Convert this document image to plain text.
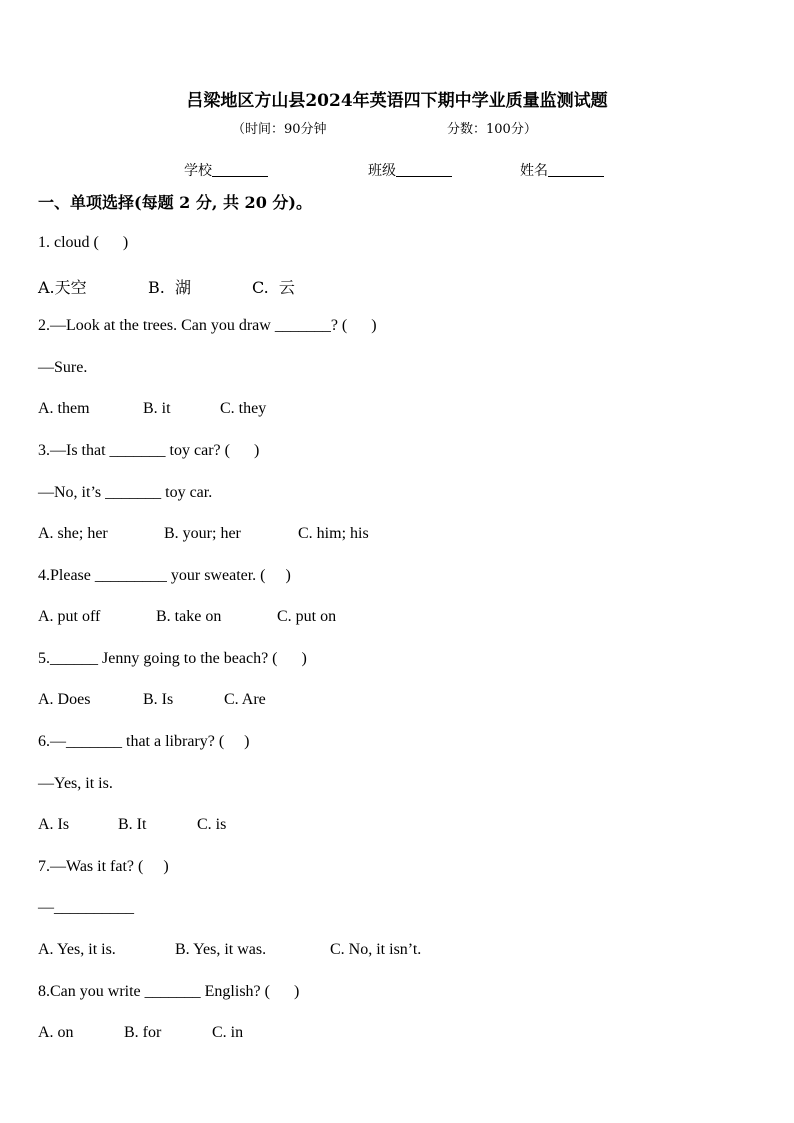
吕梁地区方山县2024年英语四下期中学业质量监测试题
（时间：90分钟	分数：100分）
学校	班级	姓名
一、单项选择(每题 2 分, 共 20 分)。
1. cloud (      )
A.天空	B.  湖	C.  云
2.—Look at the trees. Can you draw _______? (      )
—Sure.
A. them	B. it	C. they
3.—Is that _______ toy car? (      )
—No, it’s _______ toy car.
A. she; her	B. your; her	C. him; his
4.Please _________ your sweater. (     )
A. put off	B. take on	C. put on
5.______ Jenny going to the beach? (      )
A. Does	B. Is	C. Are
6.—_______ that a library? (     )
—Yes, it is.
A. Is	B. It	C. is
7.—Was it fat? (     )
—__________
A. Yes, it is.	B. Yes, it was.	C. No, it isn’t.
8.Can you write _______ English? (      )
A. on	B. for	C. in
